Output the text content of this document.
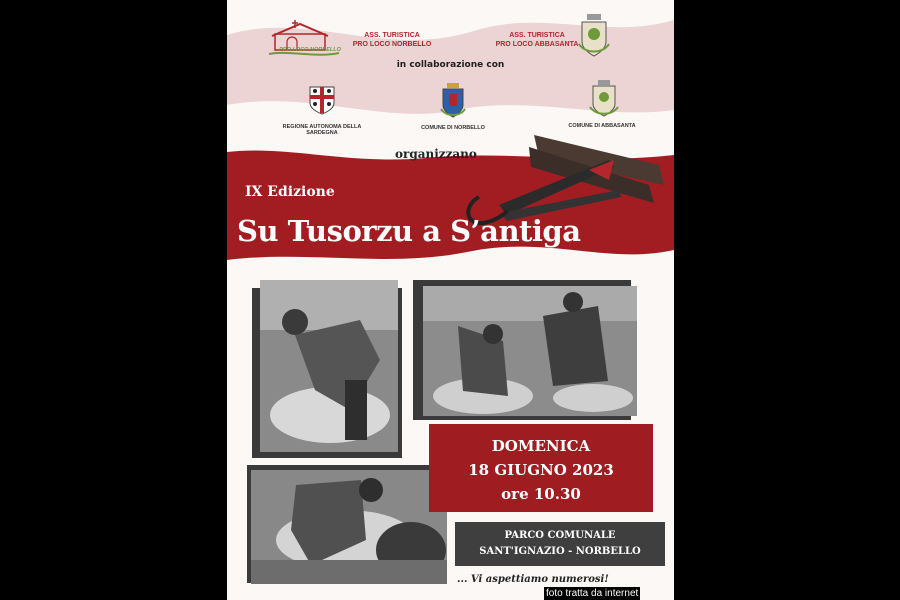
PRO LOCO NORBELLO
ASS. TURISTICA
PRO LOCO NORBELLO
ASS. TURISTICA
PRO LOCO ABBASANTA
in collaborazione con
REGIONE AUTONOMA DELLA SARDEGNA
COMUNE DI NORBELLO	COMUNE DI ABBASANTA
organizzano
IX Edizione
Su Tusorzu a S’antiga
DOMENICA
18 GIUGNO 2023
ore 10.30
PARCO COMUNALE
SANT'IGNAZIO - NORBELLO
... Vi aspettiamo numerosi!
foto tratta da internet
